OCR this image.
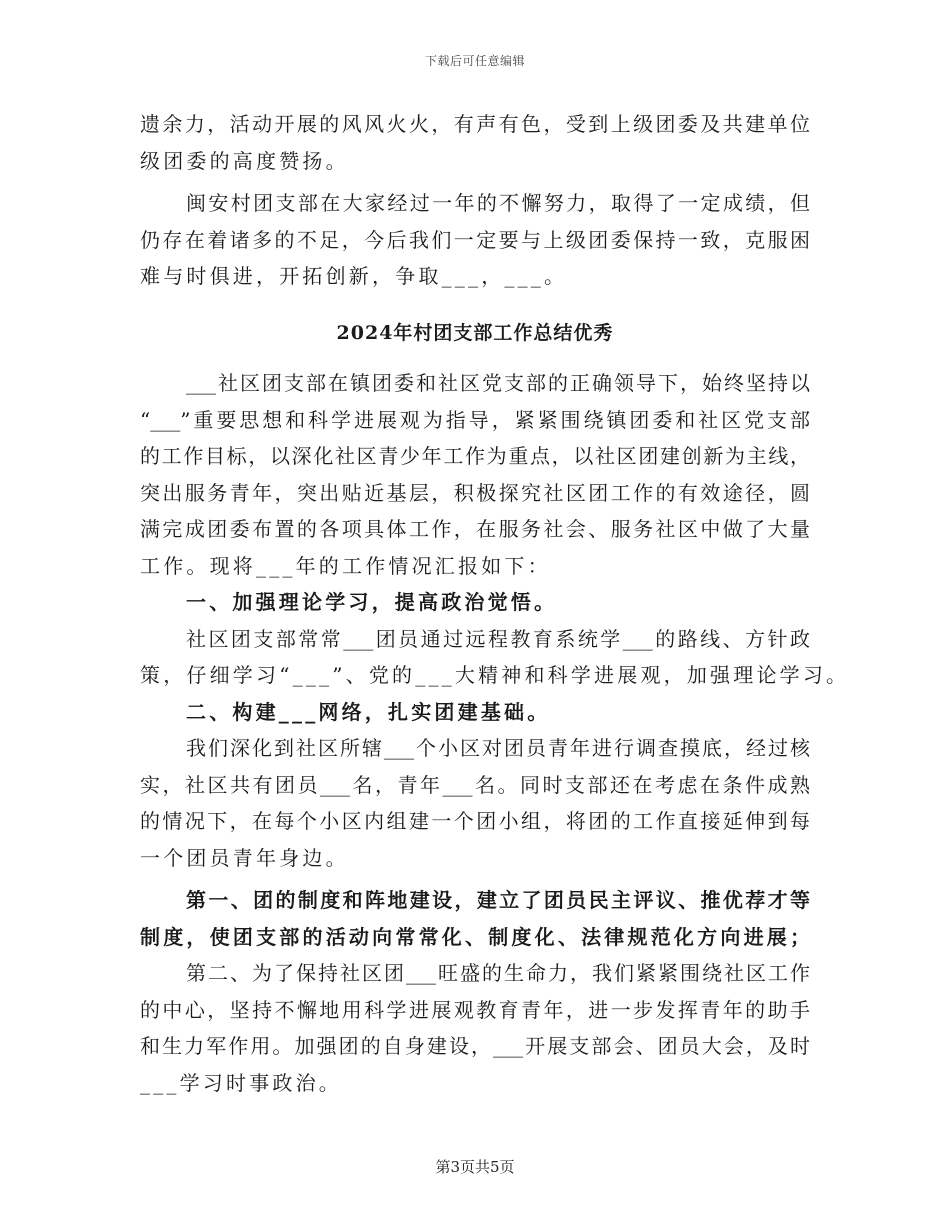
下载后可任意编辑
遗余力，活动开展的风风火火，有声有色，受到上级团委及共建单位
级团委的高度赞扬。
闽安村团支部在大家经过一年的不懈努力，取得了一定成绩，但
仍存在着诸多的不足，今后我们一定要与上级团委保持一致，克服困
难与时俱进，开拓创新，争取___，___。
2024年村团支部工作总结优秀
___社区团支部在镇团委和社区党支部的正确领导下，始终坚持以
“___”重要思想和科学进展观为指导，紧紧围绕镇团委和社区党支部
的工作目标，以深化社区青少年工作为重点，以社区团建创新为主线，
突出服务青年，突出贴近基层，积极探究社区团工作的有效途径，圆
满完成团委布置的各项具体工作，在服务社会、服务社区中做了大量
工作。现将___年的工作情况汇报如下：
一、加强理论学习，提高政治觉悟。
社区团支部常常___团员通过远程教育系统学___的路线、方针政
策，仔细学习“___”、党的___大精神和科学进展观，加强理论学习。
二、构建___网络，扎实团建基础。
我们深化到社区所辖___个小区对团员青年进行调查摸底，经过核
实，社区共有团员___名，青年___名。同时支部还在考虑在条件成熟
的情况下，在每个小区内组建一个团小组，将团的工作直接延伸到每
一个团员青年身边。
第一、团的制度和阵地建设，建立了团员民主评议、推优荐才等
制度，使团支部的活动向常常化、制度化、法律规范化方向进展；
第二、为了保持社区团___旺盛的生命力，我们紧紧围绕社区工作
的中心，坚持不懈地用科学进展观教育青年，进一步发挥青年的助手
和生力军作用。加强团的自身建设，___开展支部会、团员大会，及时
___学习时事政治。
第3页共5页
